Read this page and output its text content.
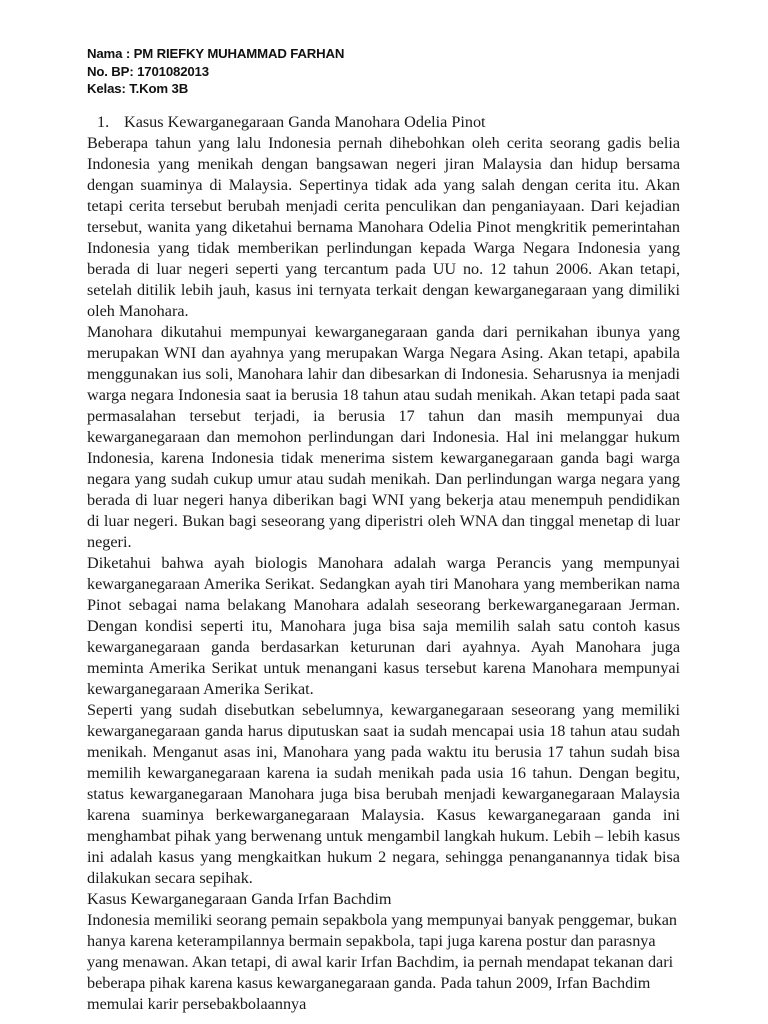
Nama : PM RIEFKY MUHAMMAD FARHAN
No. BP: 1701082013
Kelas: T.Kom 3B
1. Kasus Kewarganegaraan Ganda Manohara Odelia Pinot

Beberapa tahun yang lalu Indonesia pernah dihebohkan oleh cerita seorang gadis belia Indonesia yang menikah dengan bangsawan negeri jiran Malaysia dan hidup bersama dengan suaminya di Malaysia. Sepertinya tidak ada yang salah dengan cerita itu. Akan tetapi cerita tersebut berubah menjadi cerita penculikan dan penganiayaan. Dari kejadian tersebut, wanita yang diketahui bernama Manohara Odelia Pinot mengkritik pemerintahan Indonesia yang tidak memberikan perlindungan kepada Warga Negara Indonesia yang berada di luar negeri seperti yang tercantum pada UU no. 12 tahun 2006. Akan tetapi, setelah ditilik lebih jauh, kasus ini ternyata terkait dengan kewarganegaraan yang dimiliki oleh Manohara.

Manohara dikutahui mempunyai kewarganegaraan ganda dari pernikahan ibunya yang merupakan WNI dan ayahnya yang merupakan Warga Negara Asing. Akan tetapi, apabila menggunakan ius soli, Manohara lahir dan dibesarkan di Indonesia. Seharusnya ia menjadi warga negara Indonesia saat ia berusia 18 tahun atau sudah menikah. Akan tetapi pada saat permasalahan tersebut terjadi, ia berusia 17 tahun dan masih mempunyai dua kewarganegaraan dan memohon perlindungan dari Indonesia. Hal ini melanggar hukum Indonesia, karena Indonesia tidak menerima sistem kewarganegaraan ganda bagi warga negara yang sudah cukup umur atau sudah menikah. Dan perlindungan warga negara yang berada di luar negeri hanya diberikan bagi WNI yang bekerja atau menempuh pendidikan di luar negeri. Bukan bagi seseorang yang diperistri oleh WNA dan tinggal menetap di luar negeri.

Diketahui bahwa ayah biologis Manohara adalah warga Perancis yang mempunyai kewarganegaraan Amerika Serikat. Sedangkan ayah tiri Manohara yang memberikan nama Pinot sebagai nama belakang Manohara adalah seseorang berkewarganegaraan Jerman. Dengan kondisi seperti itu, Manohara juga bisa saja memilih salah satu contoh kasus kewarganegaraan ganda berdasarkan keturunan dari ayahnya. Ayah Manohara juga meminta Amerika Serikat untuk menangani kasus tersebut karena Manohara mempunyai kewarganegaraan Amerika Serikat.

Seperti yang sudah disebutkan sebelumnya, kewarganegaraan seseorang yang memiliki kewarganegaraan ganda harus diputuskan saat ia sudah mencapai usia 18 tahun atau sudah menikah. Menganut asas ini, Manohara yang pada waktu itu berusia 17 tahun sudah bisa memilih kewarganegaraan karena ia sudah menikah pada usia 16 tahun. Dengan begitu, status kewarganegaraan Manohara juga bisa berubah menjadi kewarganegaraan Malaysia karena suaminya berkewarganegaraan Malaysia. Kasus kewarganegaraan ganda ini menghambat pihak yang berwenang untuk mengambil langkah hukum. Lebih – lebih kasus ini adalah kasus yang mengkaitkan hukum 2 negara, sehingga penanganannya tidak bisa dilakukan secara sepihak.

Kasus Kewarganegaraan Ganda Irfan Bachdim

Indonesia memiliki seorang pemain sepakbola yang mempunyai banyak penggemar, bukan hanya karena keterampilannya bermain sepakbola, tapi juga karena postur dan parasnya yang menawan. Akan tetapi, di awal karir Irfan Bachdim, ia pernah mendapat tekanan dari beberapa pihak karena kasus kewarganegaraan ganda. Pada tahun 2009, Irfan Bachdim memulai karir persebakbolaannya
